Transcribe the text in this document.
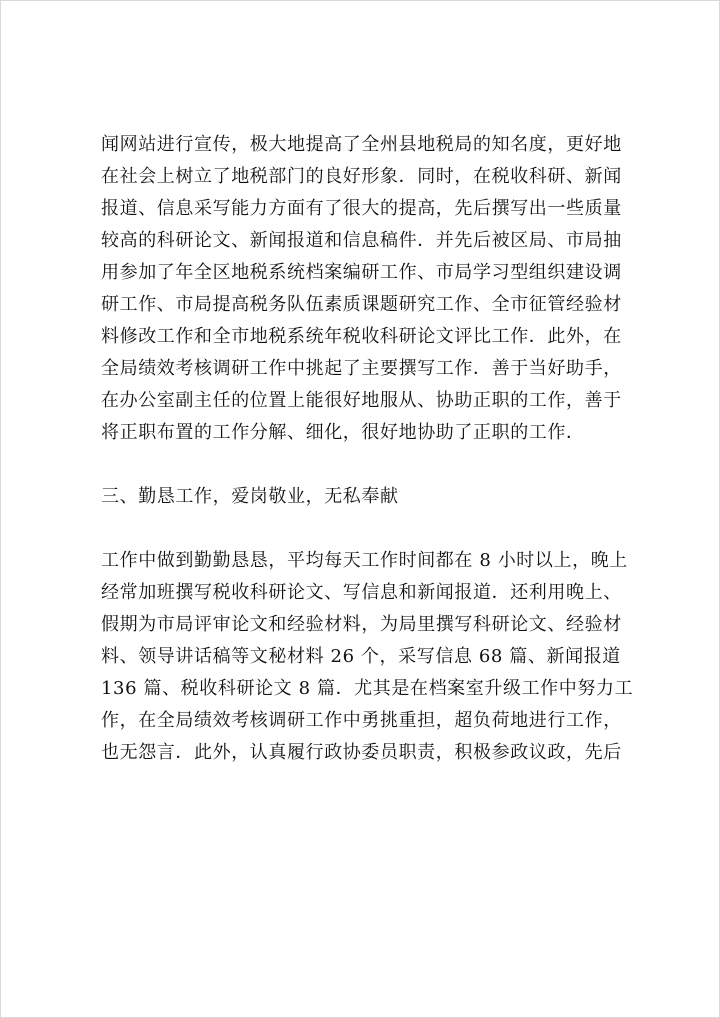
闻网站进行宣传，极大地提高了全州县地税局的知名度，更好地
在社会上树立了地税部门的良好形象．同时，在税收科研、新闻
报道、信息采写能力方面有了很大的提高，先后撰写出一些质量
较高的科研论文、新闻报道和信息稿件．并先后被区局、市局抽
用参加了年全区地税系统档案编研工作、市局学习型组织建设调
研工作、市局提高税务队伍素质课题研究工作、全市征管经验材
料修改工作和全市地税系统年税收科研论文评比工作．此外，在
全局绩效考核调研工作中挑起了主要撰写工作．善于当好助手，
在办公室副主任的位置上能很好地服从、协助正职的工作，善于
将正职布置的工作分解、细化，很好地协助了正职的工作．
三、勤恳工作，爱岗敬业，无私奉献
工作中做到勤勤恳恳，平均每天工作时间都在 8 小时以上，晚上
经常加班撰写税收科研论文、写信息和新闻报道．还利用晚上、
假期为市局评审论文和经验材料，为局里撰写科研论文、经验材
料、领导讲话稿等文秘材料 26 个，采写信息 68 篇、新闻报道
136 篇、税收科研论文 8 篇．尤其是在档案室升级工作中努力工
作，在全局绩效考核调研工作中勇挑重担，超负荷地进行工作，
也无怨言．此外，认真履行政协委员职责，积极参政议政，先后
